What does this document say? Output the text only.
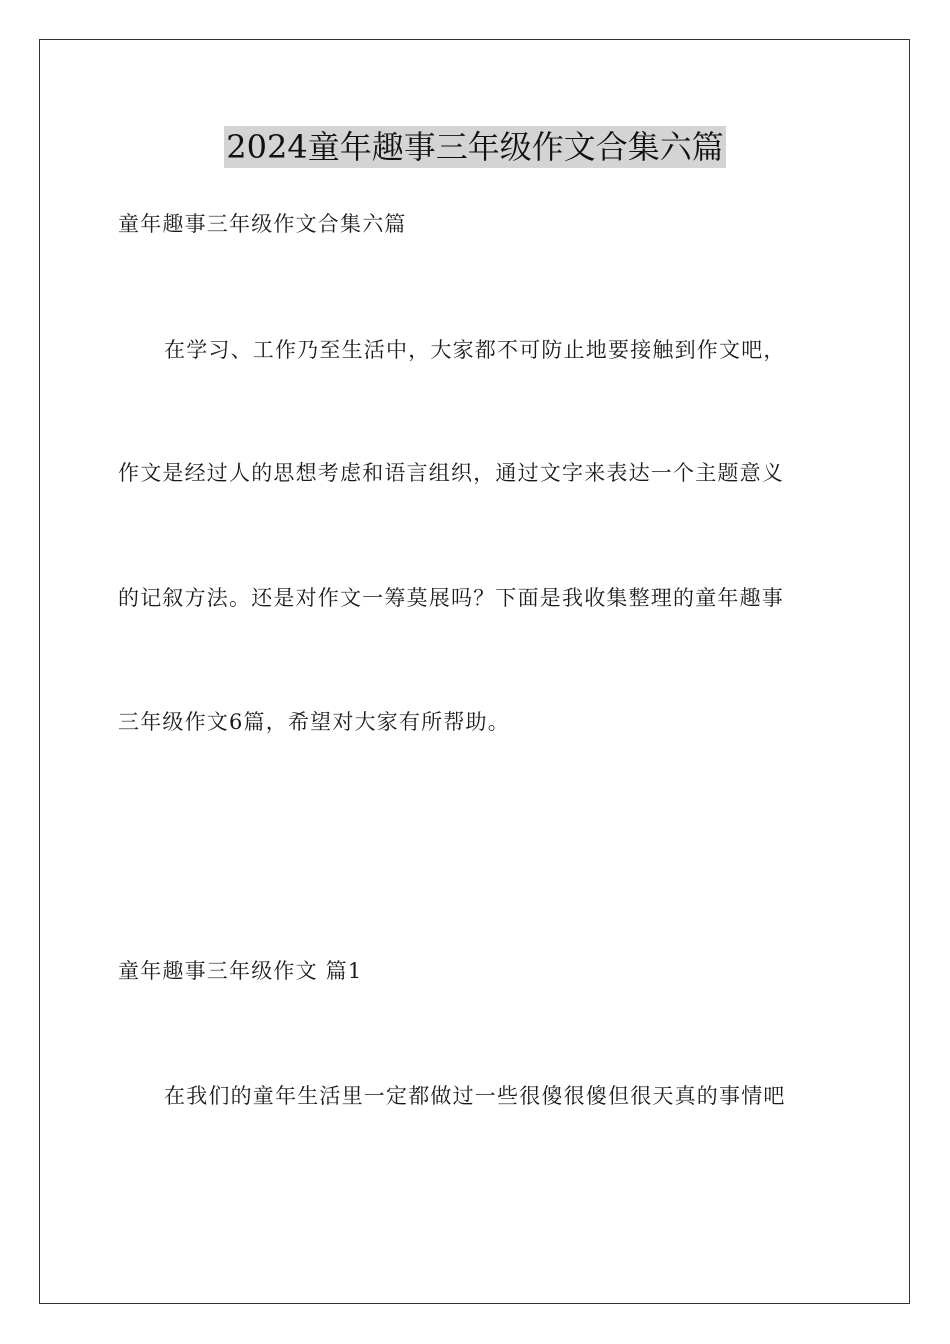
2024童年趣事三年级作文合集六篇
童年趣事三年级作文合集六篇
在学习、工作乃至生活中，大家都不可防止地要接触到作文吧，
作文是经过人的思想考虑和语言组织，通过文字来表达一个主题意义
的记叙方法。还是对作文一筹莫展吗？下面是我收集整理的童年趣事
三年级作文6篇，希望对大家有所帮助。
童年趣事三年级作文 篇1
在我们的童年生活里一定都做过一些很傻很傻但很天真的事情吧
